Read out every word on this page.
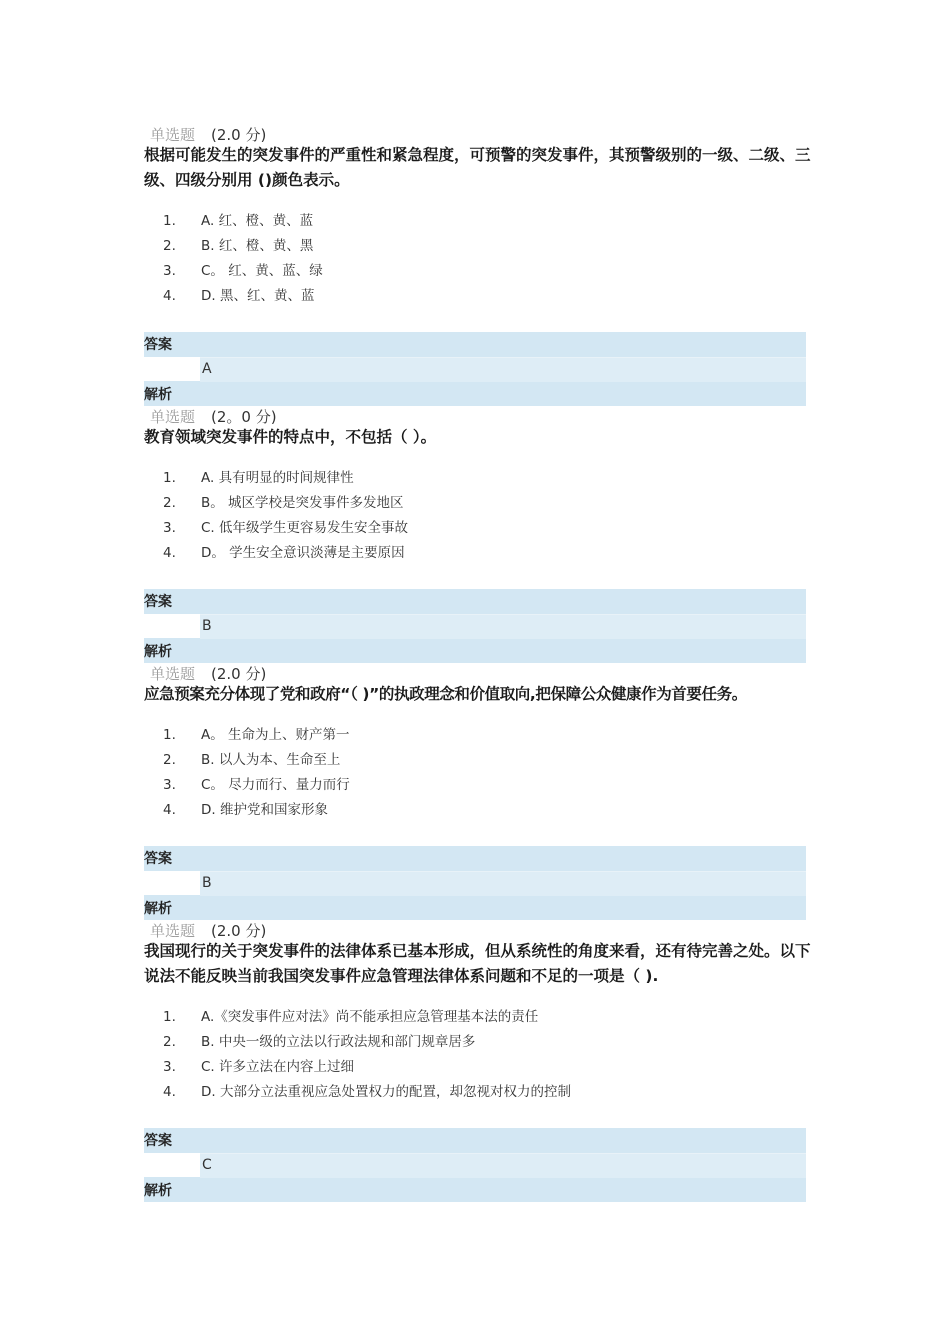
单选题 (2.0 分)
根据可能发生的突发事件的严重性和紧急程度，可预警的突发事件，其预警级别的一级、二级、三级、四级分别用 ()颜色表示。
1. A. 红、橙、黄、蓝
2. B. 红、橙、黄、黑
3. C。 红、黄、蓝、绿
4. D. 黑、红、黄、蓝
答案
A
解析
单选题 (2。0 分)
教育领域突发事件的特点中，不包括（ ）。
1. A. 具有明显的时间规律性
2. B。 城区学校是突发事件多发地区
3. C. 低年级学生更容易发生安全事故
4. D。 学生安全意识淡薄是主要原因
答案
B
解析
单选题 (2.0 分)
应急预案充分体现了党和政府“（ )”的执政理念和价值取向,把保障公众健康作为首要任务。
1. A。 生命为上、财产第一
2. B. 以人为本、生命至上
3. C。 尽力而行、量力而行
4. D. 维护党和国家形象
答案
B
解析
单选题 (2.0 分)
我国现行的关于突发事件的法律体系已基本形成，但从系统性的角度来看，还有待完善之处。以下说法不能反映当前我国突发事件应急管理法律体系问题和不足的一项是（ ).
1. A.《突发事件应对法》尚不能承担应急管理基本法的责任
2. B. 中央一级的立法以行政法规和部门规章居多
3. C. 许多立法在内容上过细
4. D. 大部分立法重视应急处置权力的配置，却忽视对权力的控制
答案
C
解析
